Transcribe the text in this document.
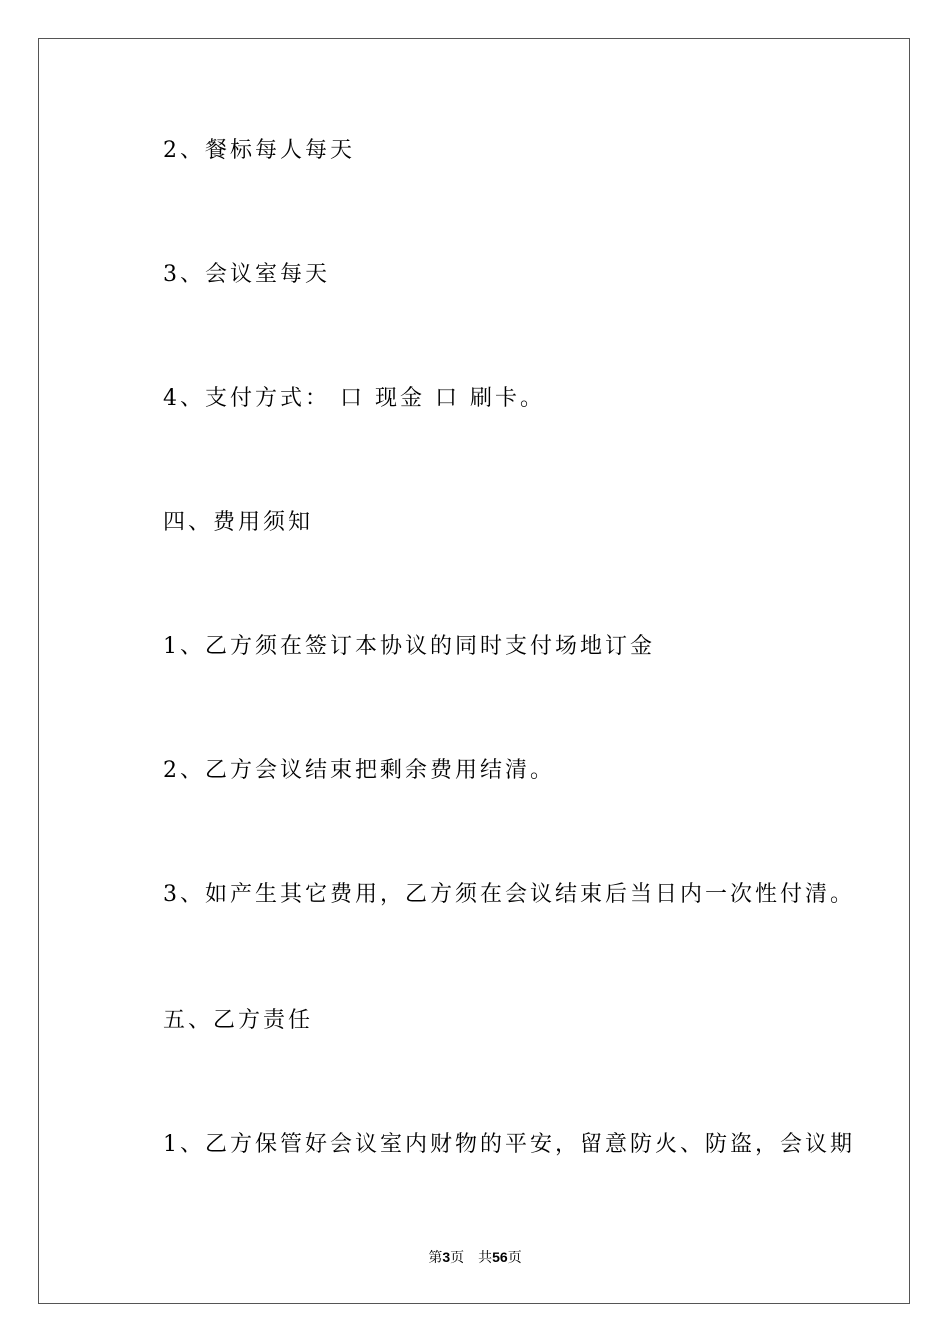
2、餐标每人每天
3、会议室每天
4、支付方式： 口 现金 口 刷卡。
四、费用须知
1、乙方须在签订本协议的同时支付场地订金
2、乙方会议结束把剩余费用结清。
3、如产生其它费用，乙方须在会议结束后当日内一次性付清。
五、乙方责任
1、乙方保管好会议室内财物的平安，留意防火、防盗，会议期
第3页 共56页
